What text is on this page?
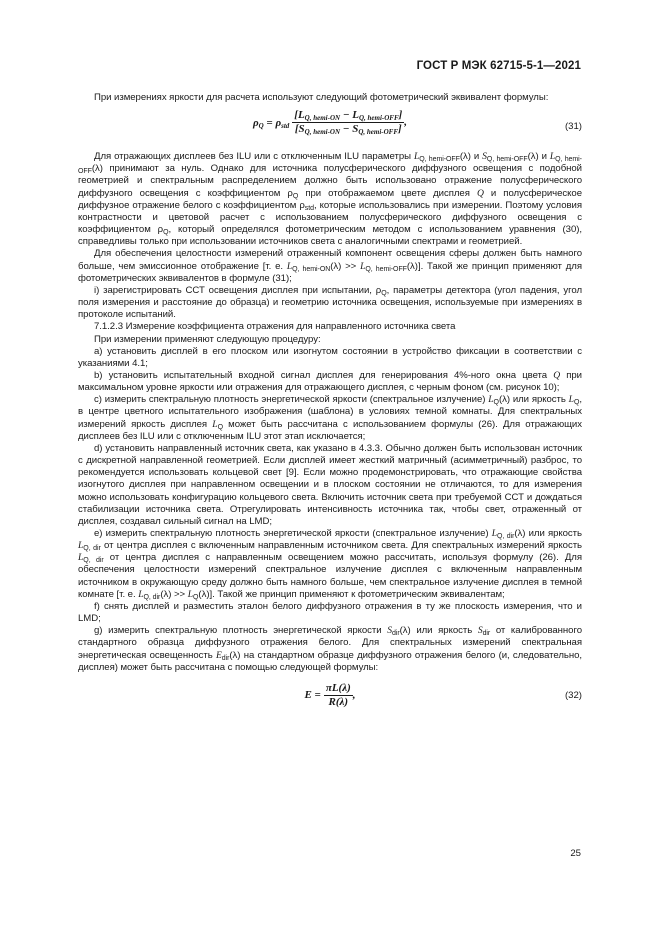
ГОСТ Р МЭК 62715-5-1—2021

При измерениях яркости для расчета используют следующий фотометрический эквивалент формулы:

$\rho_Q = \rho_{std} \frac{[L_{Q, hemi-ON} - L_{Q, hemi-OFF}]}{[S_{Q, hemi-ON} - S_{Q, hemi-OFF}]}$ ,	(31)

Для отражающих дисплеев без ILU или с отключенным ILU параметры $L_{Q, hemi-OFF}(\lambda)$ и $S_{Q, hemi-OFF}(\lambda)$ и $L_{Q, hemi-OFF}(\lambda)$ принимают за нуль. Однако для источника полусферического диффузного освещения с подобной геометрией и спектральным распределением должно быть использовано отражение полусферического диффузного освещения с коэффициентом $\rho_Q$ при отображаемом цвете дисплея Q и полусферическое диффузное отражение белого с коэффициентом $\rho_{std}$, которые использовались при измерении. Поэтому условия контрастности и цветовой расчет с использованием полусферического диффузного освещения с коэффициентом $\rho_Q$, который определялся фотометрическим методом с использованием уравнения (30), справедливы только при использовании источников света с аналогичными спектрами и геометрией.

Для обеспечения целостности измерений отраженный компонент освещения сферы должен быть намного больше, чем эмиссионное отображение [т. е. $L_{Q, hemi-ON}(\lambda) >> L_{Q, hemi-OFF}(\lambda)$]. Такой же принцип применяют для фотометрических эквивалентов в формуле (31);

i) зарегистрировать ССТ освещения дисплея при испытании, $\rho_Q$, параметры детектора (угол падения, угол поля измерения и расстояние до образца) и геометрию источника освещения, используемые при измерениях в протоколе испытаний.

7.1.2.3 Измерение коэффициента отражения для направленного источника света

При измерении применяют следующую процедуру:

а) установить дисплей в его плоском или изогнутом состоянии в устройство фиксации в соответствии с указаниями 4.1;

b) установить испытательный входной сигнал дисплея для генерирования 4%-ного окна цвета Q при максимальном уровне яркости или отражения для отражающего дисплея, с черным фоном (см. рисунок 10);

c) измерить спектральную плотность энергетической яркости (спектральное излучение) $L_Q(\lambda)$ или яркость $L_Q$, в центре цветного испытательного изображения (шаблона) в условиях темной комнаты. Для спектральных измерений яркость дисплея $L_Q$ может быть рассчитана с использованием формулы (26). Для отражающих дисплеев без ILU или с отключенным ILU этот этап исключается;

d) установить направленный источник света, как указано в 4.3.3. Обычно должен быть использован источник с дискретной направленной геометрией. Если дисплей имеет жесткий матричный (асимметричный) разброс, то рекомендуется использовать кольцевой свет [9]. Если можно продемонстрировать, что отражающие свойства изогнутого дисплея при направленном освещении и в плоском состоянии не отличаются, то для измерения можно использовать конфигурацию кольцевого света. Включить источник света при требуемой ССТ и дождаться стабилизации источника света. Отрегулировать интенсивность источника так, чтобы свет, отраженный от дисплея, создавал сильный сигнал на LMD;

e) измерить спектральную плотность энергетической яркости (спектральное излучение) $L_{Q, dir}(\lambda)$ или яркость $L_{Q, dir}$ от центра дисплея с включенным направленным источником света. Для спектральных измерений яркость $L_{Q, dir}$ от центра дисплея с направленным освещением можно рассчитать, используя формулу (26). Для обеспечения целостности измерений спектральное излучение дисплея с включенным направленным источником в окружающую среду должно быть намного больше, чем спектральное излучение дисплея в темной комнате [т. е. $L_{Q, dir}(\lambda) >> L_Q(\lambda)$]. Такой же принцип применяют к фотометрическим эквивалентам;

f) снять дисплей и разместить эталон белого диффузного отражения в ту же плоскость измерения, что и LMD;

g) измерить спектральную плотность энергетической яркости $S_{dir}(\lambda)$ или яркость $S_{dir}$ от калиброванного стандартного образца диффузного отражения белого. Для спектральных измерений спектральная энергетическая освещенность $E_{dir}(\lambda)$ на стандартном образце диффузного отражения белого (и, следовательно, дисплея) может быть рассчитана с помощью следующей формулы:

$E = \frac{\pi L(\lambda)}{R(\lambda)}$ ,	(32)
25
